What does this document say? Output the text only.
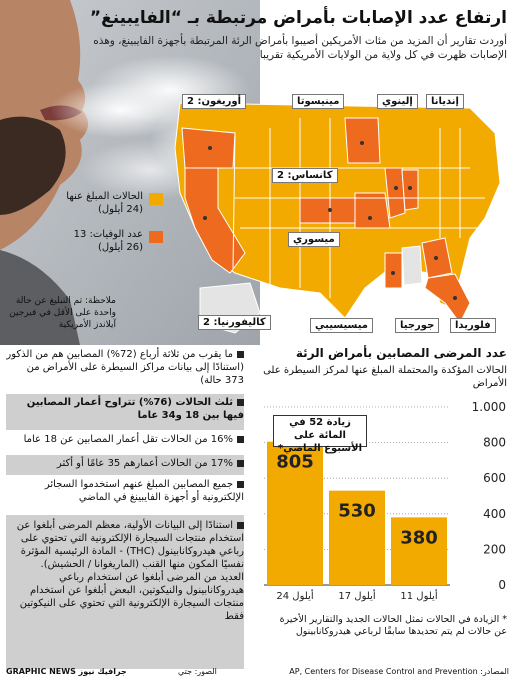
ارتفاع عدد الإصابات بأمراض مرتبطة بـ “الفايبينغ”
أوردت تقارير أن المزيد من مئات الأمريكين أصيبوا بأمراض الرئة المرتبطة بأجهزة الفايبينغ، وهذه الإصابات ظهرت في كل ولاية من الولايات الأمريكية تقريبا
أوريغون: 2	مينيسوتا	إلينوي	إنديانا
كانساس: 2
ميسوري
كاليفورنيا: 2	ميسيسيبي	جورجيا	فلوريدا
الحالات المبلغ عنها (24 أيلول)
عدد الوفيات: 13 (26 أيلول)
ملاحظة: تم التبليغ عن حالة واحدة على الأقل في فيرجين آيلاندز الأمريكية
ما يقرب من ثلاثة أرباع (72%) المصابين هم من الذكور (استنادًا إلى بيانات مراكز السيطرة على الأمراض من 373 حالة)
ثلث الحالات (76%) تتراوح أعمار المصابين فيها بين 18 و34 عاما
16% من الحالات تقل أعمار المصابين عن 18 عاما
17% من الحالات أعمارهم 35 عامًا أو أكثر
جميع المصابين المبلغ عنهم استخدموا السجائر الإلكترونية أو أجهزة الفايبينغ في الماضي
استنادًا إلى البيانات الأولية، معظم المرضى أبلغوا عن استخدام منتجات السيجارة الإلكترونية التي تحتوي على رباعي هيدروكانابينول (THC) - المادة الرئيسية المؤثرة نفسيًا المكون منها القنب (الماريغوانا / الحشيش).
العديد من المرضى أبلغوا عن استخدام رباعي هيدروكانابينول والنيكوتين، البعض أبلغوا عن استخدام منتجات السيجارة الإلكترونية التي تحتوي على النيكوتين فقط
عدد المرضى المصابين بأمراض الرئة
الحالات المؤكدة والمحتملة المبلغ عنها لمركز السيطرة على الأمراض
805
530
380
1.000
800
600
400
200
0
24 أيلول 17 أيلول 11 أيلول
زيادة 52 في المائة على الأسبوع الماضي*
* الزيادة في الحالات تمثل الحالات الجديد والتقارير الأخيرة عن حالات لم يتم تحديدها سابقًا لرباعي هيدروكانابينول
المصادر: AP, Centers for Disease Control and Prevention
الصور: جتي
GRAPHIC NEWS جرافيك نيوز
